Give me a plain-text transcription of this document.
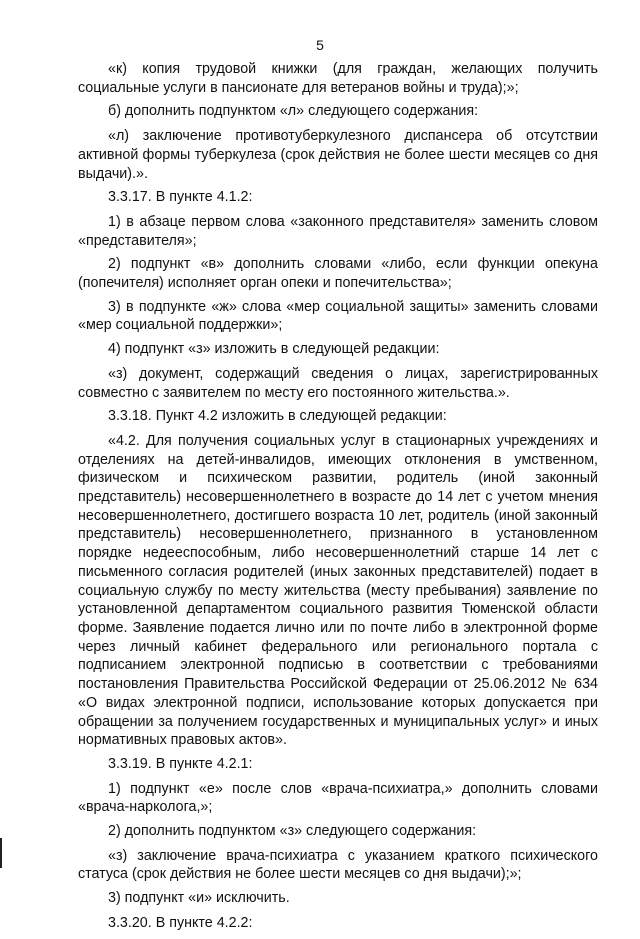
5

«к) копия трудовой книжки (для граждан, желающих получить социальные услуги в пансионате для ветеранов войны и труда);»;

б) дополнить подпунктом «л» следующего содержания:

«л) заключение противотуберкулезного диспансера об отсутствии активной формы туберкулеза (срок действия не более шести месяцев со дня выдачи).».

3.3.17. В пункте 4.1.2:

1) в абзаце первом слова «законного представителя» заменить словом «представителя»;

2) подпункт «в» дополнить словами «либо, если функции опекуна (попечителя) исполняет орган опеки и попечительства»;

3) в подпункте «ж» слова «мер социальной защиты» заменить словами «мер социальной поддержки»;

4) подпункт «з» изложить в следующей редакции:

«з) документ, содержащий сведения о лицах, зарегистрированных совместно с заявителем по месту его постоянного жительства.».

3.3.18. Пункт 4.2 изложить в следующей редакции:

«4.2. Для получения социальных услуг в стационарных учреждениях и отделениях на детей-инвалидов, имеющих отклонения в умственном, физическом и психическом развитии, родитель (иной законный представитель) несовершеннолетнего в возрасте до 14 лет с учетом мнения несовершеннолетнего, достигшего возраста 10 лет, родитель (иной законный представитель) несовершеннолетнего, признанного в установленном порядке недееспособным, либо несовершеннолетний старше 14 лет с письменного согласия родителей (иных законных представителей) подает в социальную службу по месту жительства (месту пребывания) заявление по установленной департаментом социального развития Тюменской области форме. Заявление подается лично или по почте либо в электронной форме через личный кабинет федерального или регионального портала с подписанием электронной подписью в соответствии с требованиями постановления Правительства Российской Федерации от 25.06.2012 № 634 «О видах электронной подписи, использование которых допускается при обращении за получением государственных и муниципальных услуг» и иных нормативных правовых актов».

3.3.19. В пункте 4.2.1:

1) подпункт «е» после слов «врача-психиатра,» дополнить словами «врача-нарколога,»;

2) дополнить подпунктом «з» следующего содержания:

«з) заключение врача-психиатра с указанием краткого психического статуса (срок действия не более шести месяцев со дня выдачи);»;

3) подпункт «и» исключить.

3.3.20. В пункте 4.2.2:
